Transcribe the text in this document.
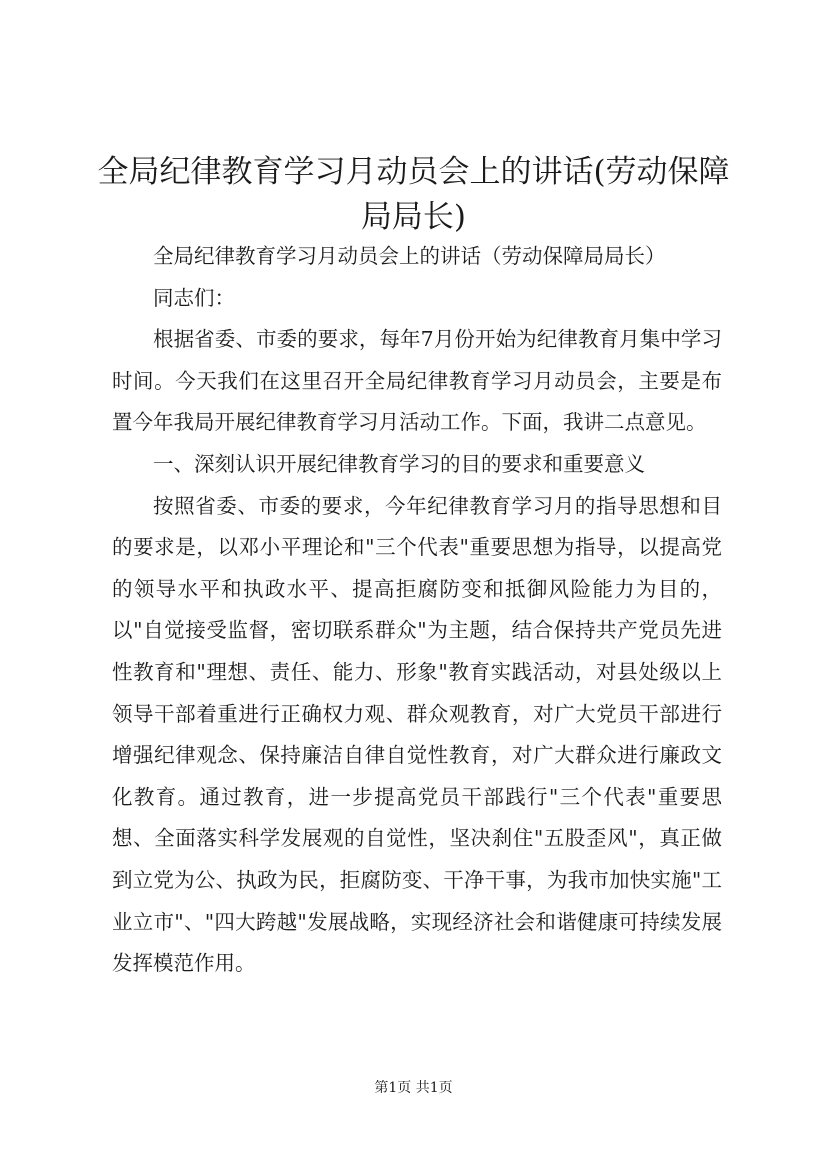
全局纪律教育学习月动员会上的讲话(劳动保障局局长)

全局纪律教育学习月动员会上的讲话（劳动保障局局长）

同志们：

根据省委、市委的要求，每年7月份开始为纪律教育月集中学习时间。今天我们在这里召开全局纪律教育学习月动员会，主要是布置今年我局开展纪律教育学习月活动工作。下面，我讲二点意见。

一、深刻认识开展纪律教育学习的目的要求和重要意义

按照省委、市委的要求，今年纪律教育学习月的指导思想和目的要求是，以邓小平理论和"三个代表"重要思想为指导，以提高党的领导水平和执政水平、提高拒腐防变和抵御风险能力为目的，以"自觉接受监督，密切联系群众"为主题，结合保持共产党员先进性教育和"理想、责任、能力、形象"教育实践活动，对县处级以上领导干部着重进行正确权力观、群众观教育，对广大党员干部进行增强纪律观念、保持廉洁自律自觉性教育，对广大群众进行廉政文化教育。通过教育，进一步提高党员干部践行"三个代表"重要思想、全面落实科学发展观的自觉性，坚决刹住"五股歪风"，真正做到立党为公、执政为民，拒腐防变、干净干事，为我市加快实施"工业立市"、"四大跨越"发展战略，实现经济社会和谐健康可持续发展发挥模范作用。

第1页 共1页
